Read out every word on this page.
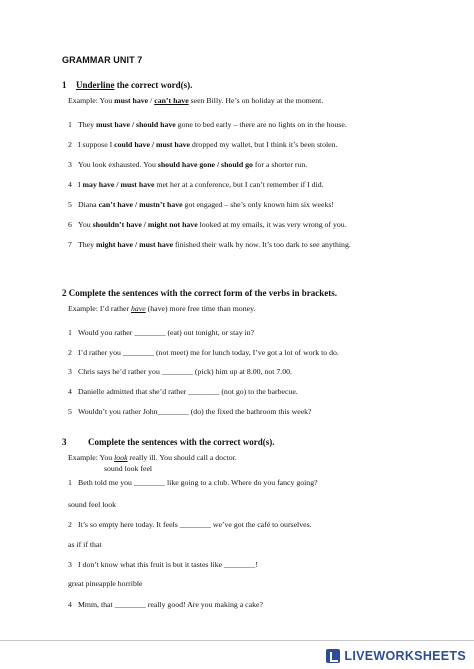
GRAMMAR UNIT 7
1 Underline the correct word(s).
Example: You must have / can’t have seen Billy. He’s on holiday at the moment.
1 They must have / should have gone to bed early – there are no lights on in the house.
2 I suppose I could have / must have dropped my wallet, but I think it’s been stolen.
3 You look exhausted. You should have gone / should go for a shorter run.
4 I may have / must have met her at a conference, but I can’t remember if I did.
5 Diana can’t have / mustn’t have got engaged – she’s only known him six weeks!
6 You shouldn’t have / might not have looked at my emails, it was very wrong of you.
7 They might have / must have finished their walk by now. It’s too dark to see anything.
2 Complete the sentences with the correct form of the verbs in brackets.
Example: I’d rather have (have) more free time than money.
1 Would you rather ________ (eat) out tonight, or stay in?
2 I’d rather you ________ (not meet) me for lunch today, I’ve got a lot of work to do.
3 Chris says he’d rather you ________ (pick) him up at 8.00, not 7.00.
4 Danielle admitted that she’d rather ________ (not go) to the barbecue.
5 Wouldn’t you rather John________ (do) the fixed the bathroom this week?
3 Complete the sentences with the correct word(s).
Example: You look really ill. You should call a doctor.
sound look feel
1 Beth told me you ________ like going to a club. Where do you fancy going?
sound feel look
2 It’s so empty here today. It feels ________ we’ve got the café to ourselves.
as if if that
3 I don’t know what this fruit is but it tastes like ________!
great pineapple horrible
4 Mmm, that ________ really good! Are you making a cake?
LIVEWORKSHEETS
